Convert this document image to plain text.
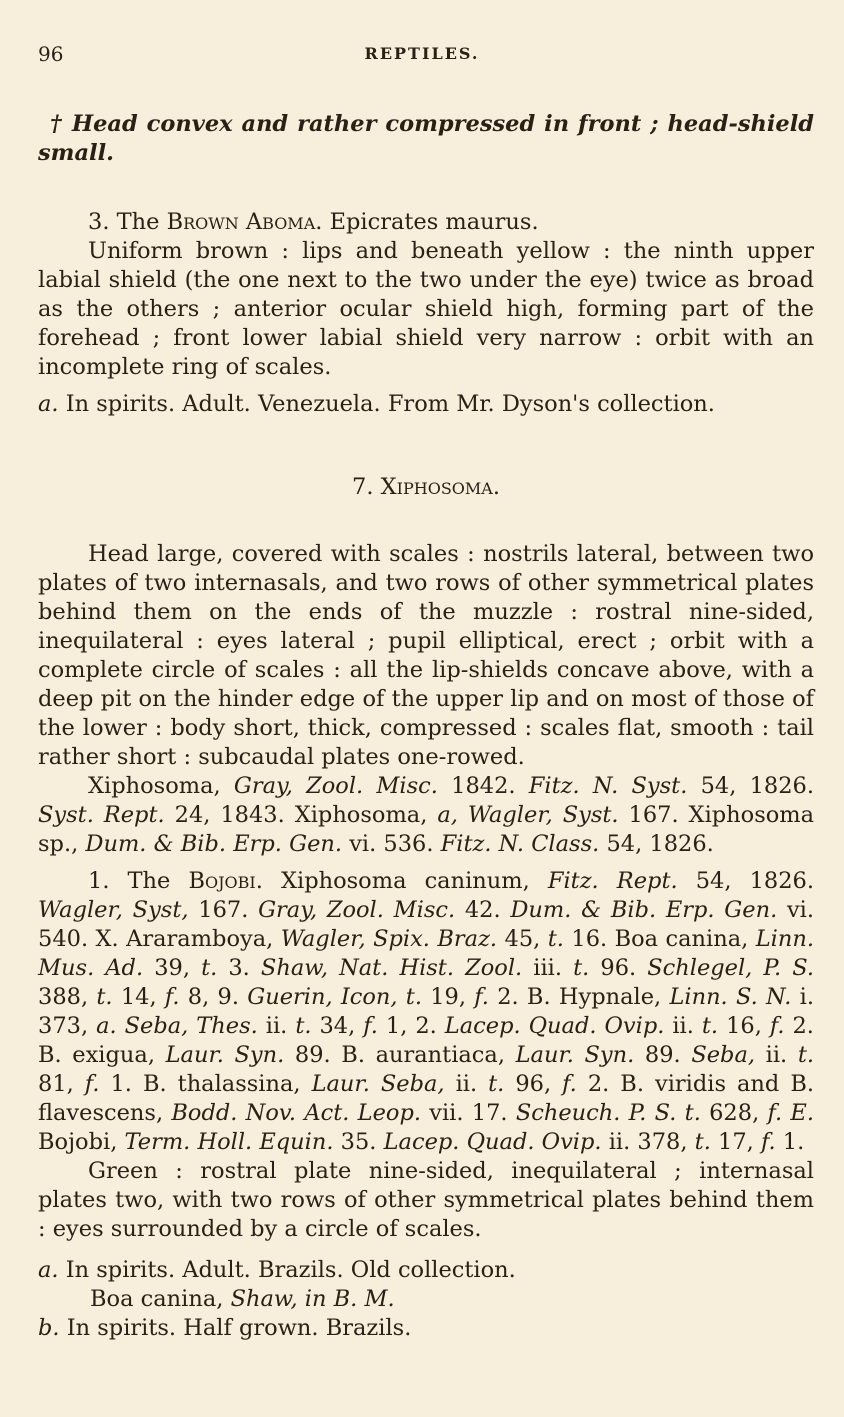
96	REPTILES.

† Head convex and rather compressed in front ; head-shield small.

3. The Brown Aboma. Epicrates maurus.

Uniform brown : lips and beneath yellow : the ninth upper labial shield (the one next to the two under the eye) twice as broad as the others ; anterior ocular shield high, forming part of the forehead ; front lower labial shield very narrow : orbit with an incomplete ring of scales.

a. In spirits. Adult. Venezuela. From Mr. Dyson's collection.

7. Xiphosoma.

Head large, covered with scales : nostrils lateral, between two plates of two internasals, and two rows of other symmetrical plates behind them on the ends of the muzzle : rostral nine-sided, inequilateral : eyes lateral ; pupil elliptical, erect ; orbit with a complete circle of scales : all the lip-shields concave above, with a deep pit on the hinder edge of the upper lip and on most of those of the lower : body short, thick, compressed : scales flat, smooth : tail rather short : subcaudal plates one-rowed.

Xiphosoma, Gray, Zool. Misc. 1842. Fitz. N. Syst. 54, 1826. Syst. Rept. 24, 1843. Xiphosoma, a, Wagler, Syst. 167. Xiphosoma sp., Dum. & Bib. Erp. Gen. vi. 536. Fitz. N. Class. 54, 1826.

1. The Bojobi. Xiphosoma caninum, Fitz. Rept. 54, 1826. Wagler, Syst, 167. Gray, Zool. Misc. 42. Dum. & Bib. Erp. Gen. vi. 540. X. Araramboya, Wagler, Spix. Braz. 45, t. 16. Boa canina, Linn. Mus. Ad. 39, t. 3. Shaw, Nat. Hist. Zool. iii. t. 96. Schlegel, P. S. 388, t. 14, f. 8, 9. Guerin, Icon, t. 19, f. 2. B. Hypnale, Linn. S. N. i. 373, a. Seba, Thes. ii. t. 34, f. 1, 2. Lacep. Quad. Ovip. ii. t. 16, f. 2. B. exigua, Laur. Syn. 89. B. aurantiaca, Laur. Syn. 89. Seba, ii. t. 81, f. 1. B. thalassina, Laur. Seba, ii. t. 96, f. 2. B. viridis and B. flavescens, Bodd. Nov. Act. Leop. vii. 17. Scheuch. P. S. t. 628, f. E. Bojobi, Term. Holl. Equin. 35. Lacep. Quad. Ovip. ii. 378, t. 17, f. 1.

Green : rostral plate nine-sided, inequilateral ; internasal plates two, with two rows of other symmetrical plates behind them : eyes surrounded by a circle of scales.

a. In spirits. Adult. Brazils. Old collection.

Boa canina, Shaw, in B. M.

b. In spirits. Half grown. Brazils.
